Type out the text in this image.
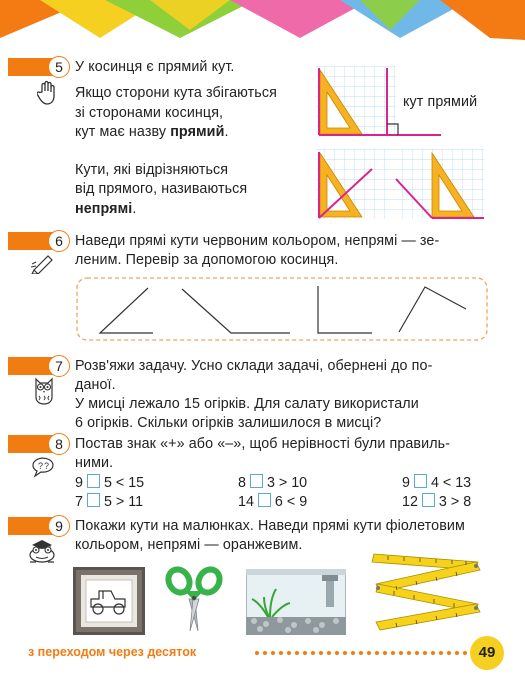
5 У косинця є прямий кут.
Якщо сторони кута збігаються
зі сторонами косинця,
кут має назву прямий.
Кути, які відрізняються
від прямого, називаються
непрямі.
кут прямий
6 Наведи прямі кути червоним кольором, непрямі — зе-
леним. Перевір за допомогою косинця.
7 Розв'яжи задачу. Усно склади задачі, обернені до по-
даної.
У мисці лежало 15 огірків. Для салату використали
6 огірків. Скільки огірків залишилося в мисці?
8
? ?
Постав знак «+» або «–», щоб нерівності були правиль-
ними.
9 5 < 15	8 3 > 10	9 4 < 13
7 5 > 11	14 6 < 9	12 3 > 8
9 Покажи кути на малюнках. Наведи прямі кути фіолетовим
кольором, непрямі — оранжевим.
з переходом через десяток	49
